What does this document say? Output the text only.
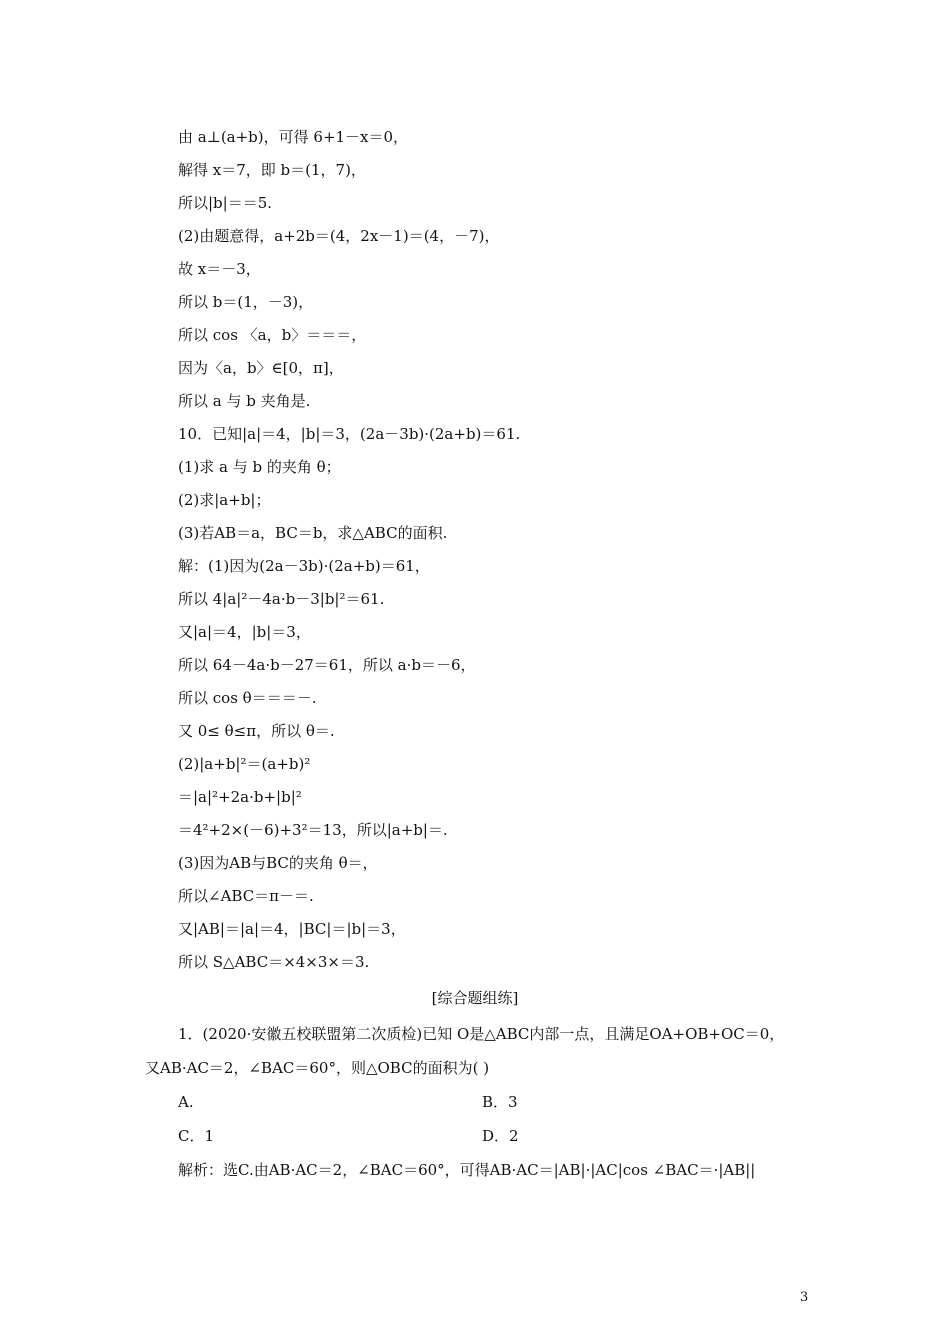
由 a⊥(a+b)，可得 6+1－x＝0，
解得 x＝7，即 b＝(1，7)，
所以|b|＝＝5.
(2)由题意得，a+2b＝(4，2x－1)＝(4，－7)，
故 x＝－3，
所以 b＝(1，－3)，
所以 cos 〈a，b〉＝＝＝，
因为〈a，b〉∈[0，π]，
所以 a 与 b 夹角是.
10．已知|a|＝4，|b|＝3，(2a－3b)·(2a+b)＝61.
(1)求 a 与 b 的夹角 θ；
(2)求|a+b|；
(3)若AB＝a，BC＝b，求△ABC的面积.
解：(1)因为(2a－3b)·(2a+b)＝61，
所以 4|a|²－4a·b－3|b|²＝61.
又|a|＝4，|b|＝3，
所以 64－4a·b－27＝61，所以 a·b＝－6，
所以 cos θ＝＝＝－.
又 0≤ θ≤π，所以 θ＝.
(2)|a+b|²＝(a+b)²
＝|a|²+2a·b+|b|²
＝4²+2×(－6)+3²＝13，所以|a+b|＝.
(3)因为AB与BC的夹角 θ＝，
所以∠ABC＝π－＝.
又|AB|＝|a|＝4，|BC|＝|b|＝3，
所以 S△ABC＝×4×3×＝3.
[综合题组练]
1．(2020·安徽五校联盟第二次质检)已知 O是△ABC内部一点，且满足OA+OB+OC＝0，
又AB·AC＝2，∠BAC＝60°，则△OBC的面积为( )
A.	B．3
C．1	D．2
解析：选C.由AB·AC＝2，∠BAC＝60°，可得AB·AC＝|AB|·|AC|cos ∠BAC＝·|AB||
3
